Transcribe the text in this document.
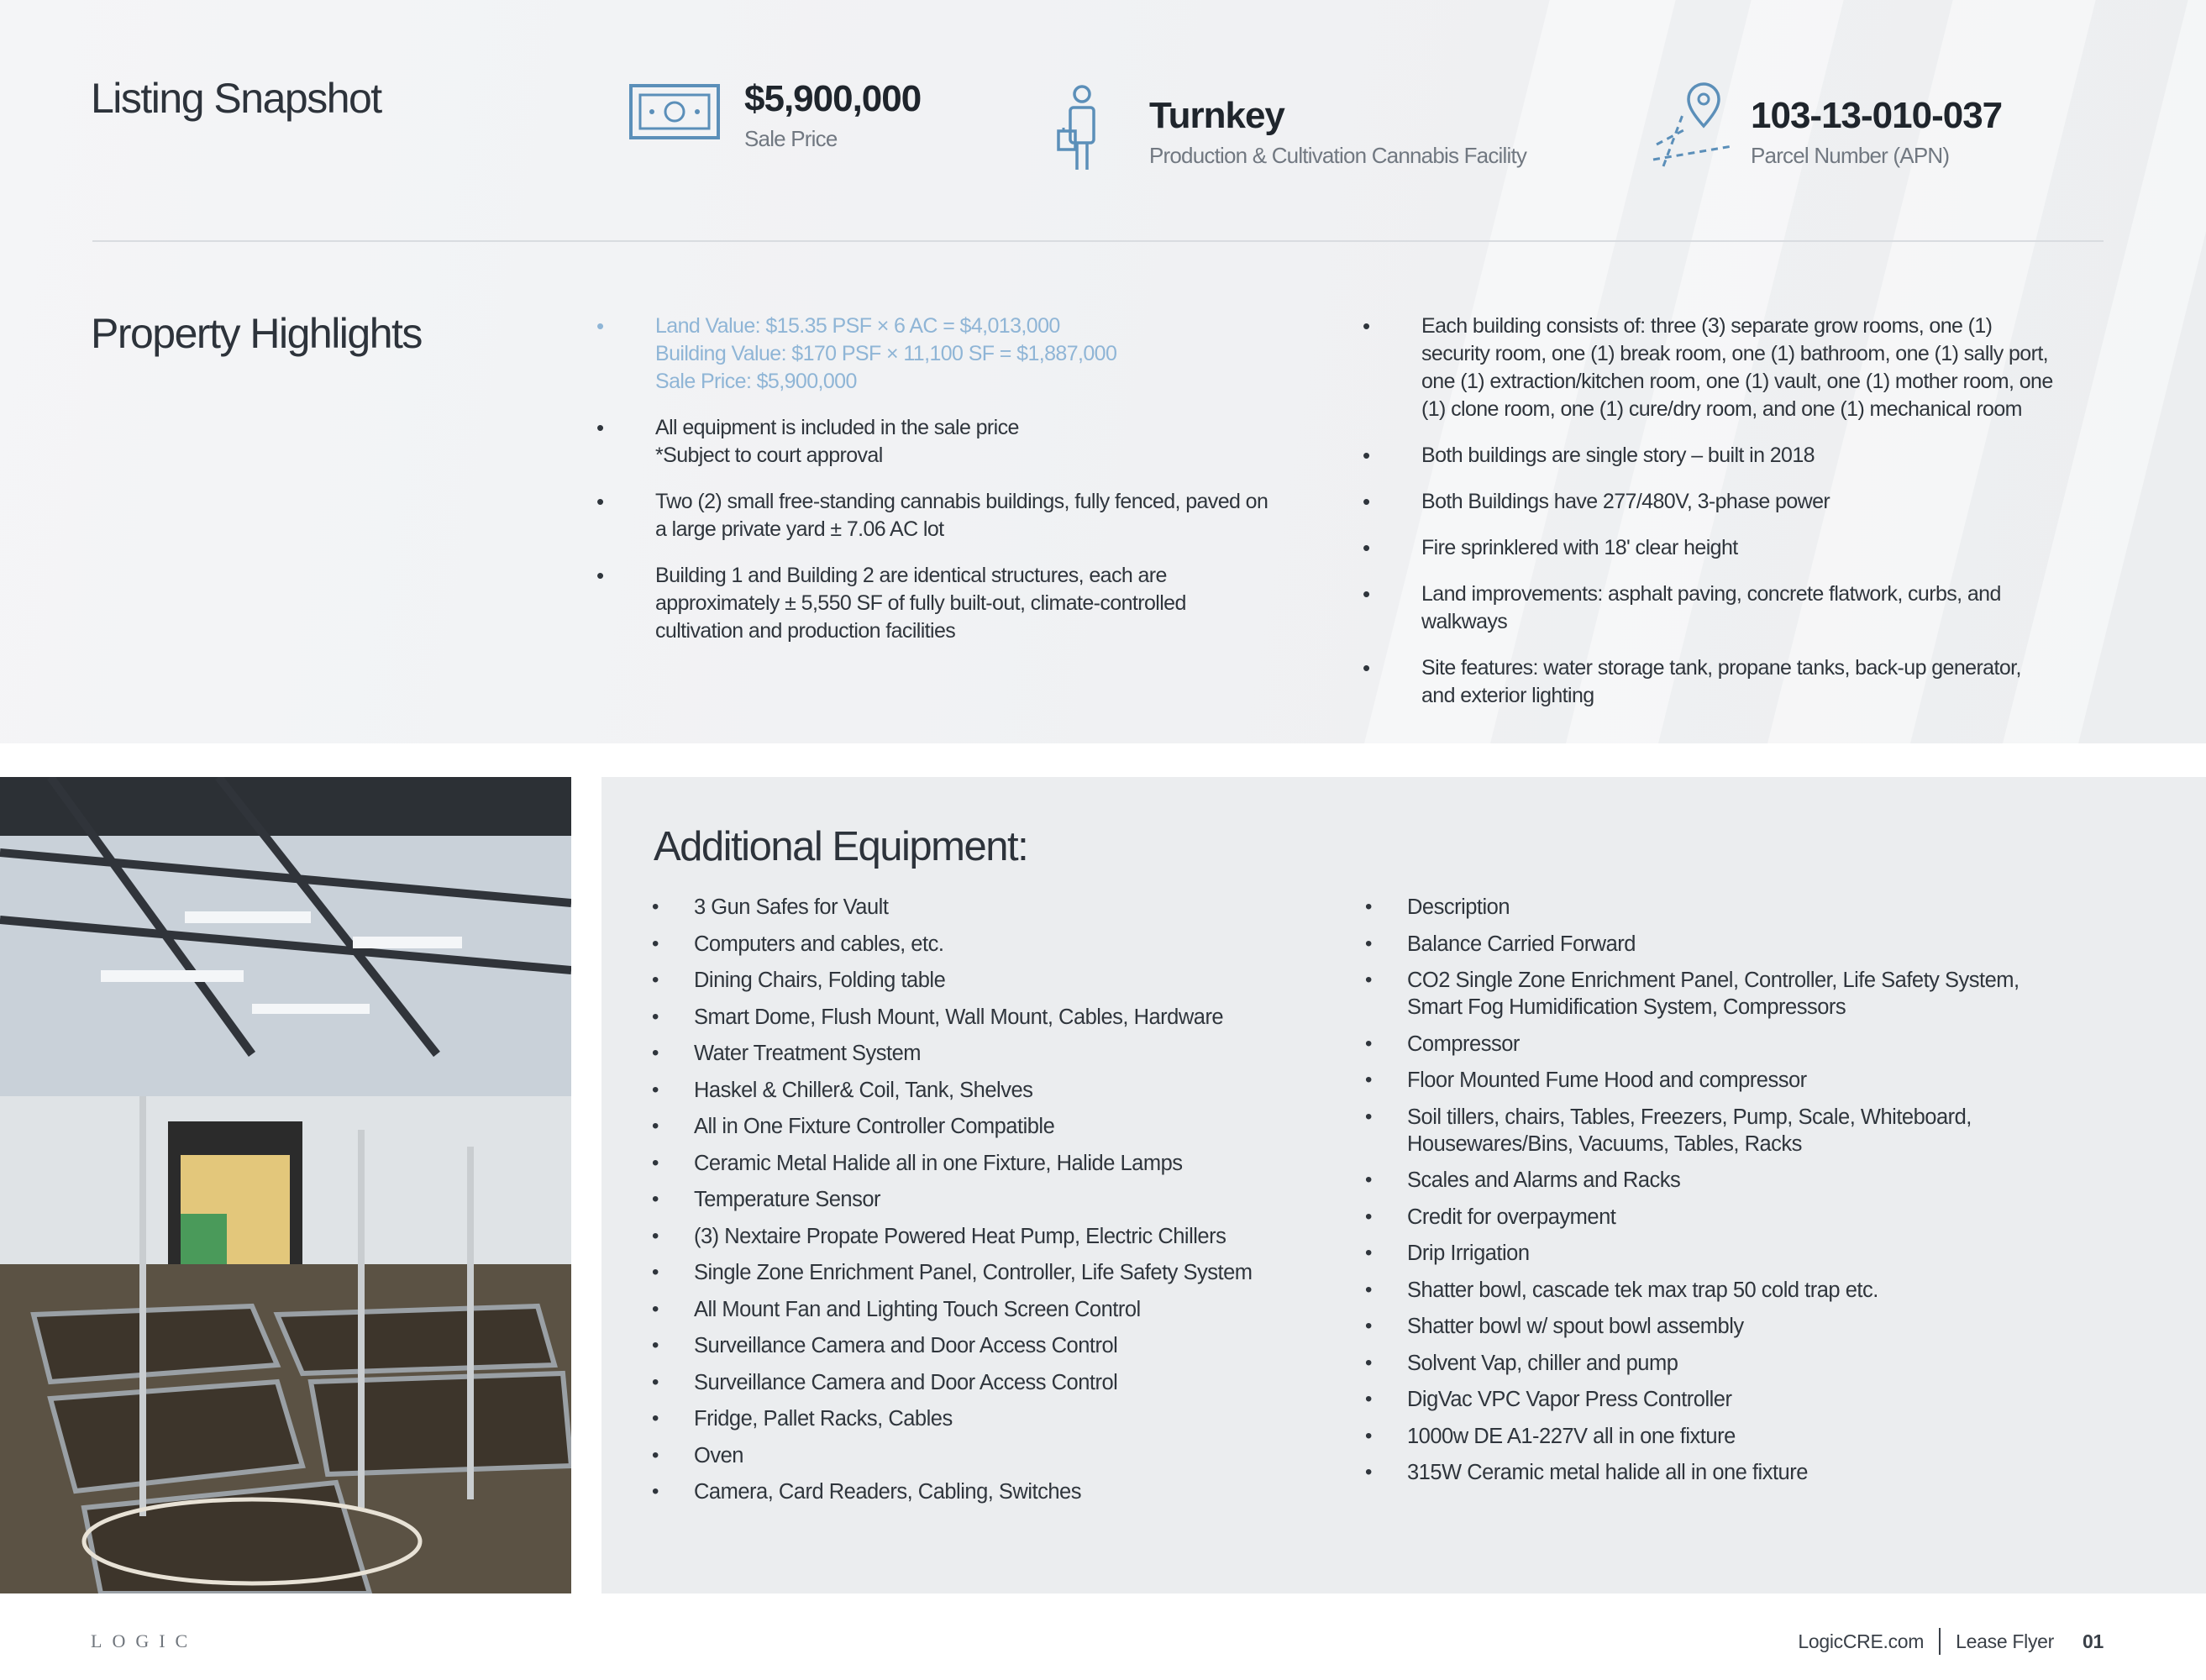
Listing Snapshot	$5,900,000
Sale Price
Turnkey
Production & Cultivation Cannabis Facility
103-13-010-037
Parcel Number (APN)
Property Highlights
•	Land Value: $15.35 PSF × 6 AC = $4,013,000
Building Value: $170 PSF × 11,100 SF = $1,887,000
Sale Price: $5,900,000
• All equipment is included in the sale price
*Subject to court approval
• Two (2) small free-standing cannabis buildings, fully fenced, paved on
a large private yard ± 7.06 AC lot
• Building 1 and Building 2 are identical structures, each are
approximately ± 5,550 SF of fully built-out, climate-controlled
cultivation and production facilities
• Each building consists of: three (3) separate grow rooms, one (1)
security room, one (1) break room, one (1) bathroom, one (1) sally port,
one (1) extraction/kitchen room, one (1) vault, one (1) mother room, one
(1) clone room, one (1) cure/dry room, and one (1) mechanical room
• Both buildings are single story – built in 2018
• Both Buildings have 277/480V, 3-phase power
• Fire sprinklered with 18' clear height
• Land improvements: asphalt paving, concrete flatwork, curbs, and
walkways
• Site features: water storage tank, propane tanks, back-up generator,
and exterior lighting
Additional Equipment:
• 3 Gun Safes for Vault
• Computers and cables, etc.
• Dining Chairs, Folding table
• Smart Dome, Flush Mount, Wall Mount, Cables, Hardware
• Water Treatment System
• Haskel & Chiller& Coil, Tank, Shelves
• All in One Fixture Controller Compatible
• Ceramic Metal Halide all in one Fixture, Halide Lamps
• Temperature Sensor
• (3) Nextaire Propate Powered Heat Pump, Electric Chillers
• Single Zone Enrichment Panel, Controller, Life Safety System
• All Mount Fan and Lighting Touch Screen Control
• Surveillance Camera and Door Access Control
• Surveillance Camera and Door Access Control
• Fridge, Pallet Racks, Cables
• Oven
• Camera, Card Readers, Cabling, Switches
• Description
• Balance Carried Forward
• CO2 Single Zone Enrichment Panel, Controller, Life Safety System,
Smart Fog Humidification System, Compressors
• Compressor
• Floor Mounted Fume Hood and compressor
• Soil tillers, chairs, Tables, Freezers, Pump, Scale, Whiteboard,
Housewares/Bins, Vacuums, Tables, Racks
• Scales and Alarms and Racks
• Credit for overpayment
• Drip Irrigation
• Shatter bowl, cascade tek max trap 50 cold trap etc.
• Shatter bowl w/ spout bowl assembly
• Solvent Vap, chiller and pump
• DigVac VPC Vapor Press Controller
• 1000w DE A1-227V all in one fixture
• 315W Ceramic metal halide all in one fixture
LOGIC	LogicCRE.com Lease Flyer 01
